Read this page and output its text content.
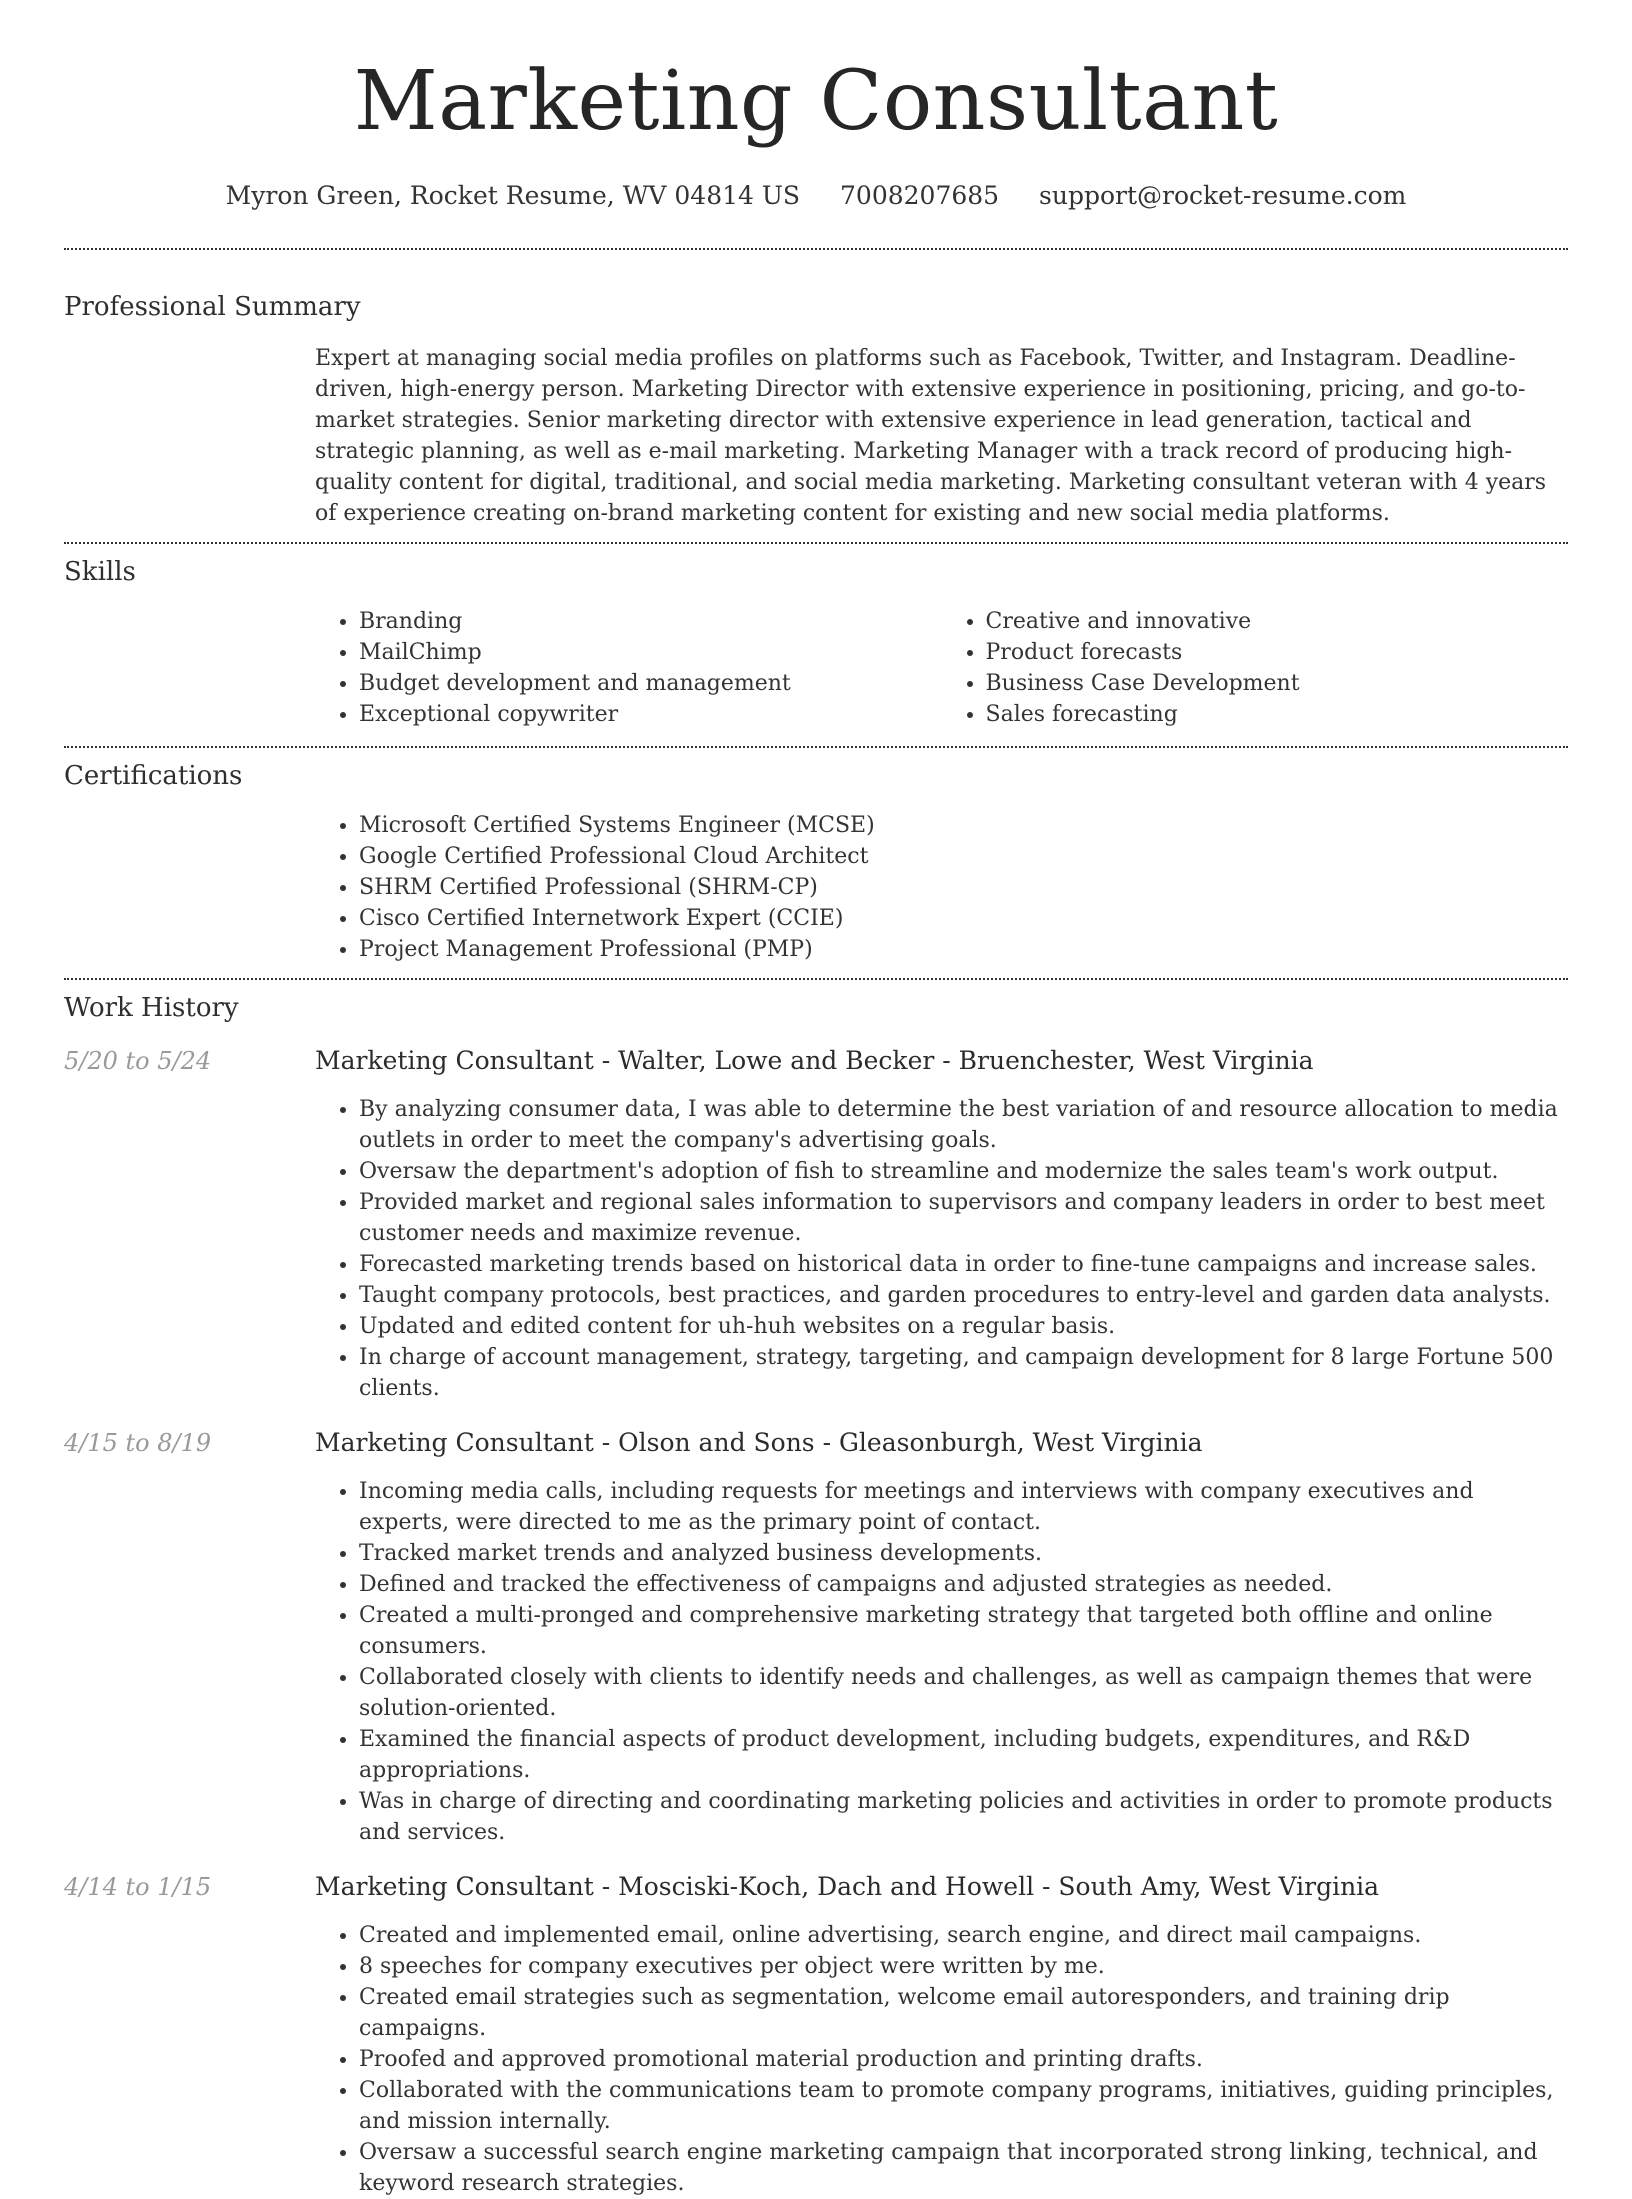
Marketing Consultant
Myron Green, Rocket Resume, WV 04814 US 7008207685 support@rocket-resume.com
Professional Summary

Expert at managing social media profiles on platforms such as Facebook, Twitter, and Instagram. Deadline-driven, high-energy person. Marketing Director with extensive experience in positioning, pricing, and go-to-market strategies. Senior marketing director with extensive experience in lead generation, tactical and strategic planning, as well as e-mail marketing. Marketing Manager with a track record of producing high-quality content for digital, traditional, and social media marketing. Marketing consultant veteran with 4 years of experience creating on-brand marketing content for existing and new social media platforms.

Skills
• Branding
• MailChimp
• Budget development and management
• Exceptional copywriter
• Creative and innovative
• Product forecasts
• Business Case Development
• Sales forecasting
Certifications
• Microsoft Certified Systems Engineer (MCSE)
• Google Certified Professional Cloud Architect
• SHRM Certified Professional (SHRM-CP)
• Cisco Certified Internetwork Expert (CCIE)
• Project Management Professional (PMP)
Work History
5/20 to 5/24	Marketing Consultant - Walter, Lowe and Becker - Bruenchester, West Virginia
• By analyzing consumer data, I was able to determine the best variation of and resource allocation to media outlets in order to meet the company's advertising goals.
• Oversaw the department's adoption of fish to streamline and modernize the sales team's work output.
• Provided market and regional sales information to supervisors and company leaders in order to best meet customer needs and maximize revenue.
• Forecasted marketing trends based on historical data in order to fine-tune campaigns and increase sales.
• Taught company protocols, best practices, and garden procedures to entry-level and garden data analysts.
• Updated and edited content for uh-huh websites on a regular basis.
• In charge of account management, strategy, targeting, and campaign development for 8 large Fortune 500 clients.
4/15 to 8/19	Marketing Consultant - Olson and Sons - Gleasonburgh, West Virginia
• Incoming media calls, including requests for meetings and interviews with company executives and experts, were directed to me as the primary point of contact.
• Tracked market trends and analyzed business developments.
• Defined and tracked the effectiveness of campaigns and adjusted strategies as needed.
• Created a multi-pronged and comprehensive marketing strategy that targeted both offline and online consumers.
• Collaborated closely with clients to identify needs and challenges, as well as campaign themes that were solution-oriented.
• Examined the financial aspects of product development, including budgets, expenditures, and R&D appropriations.
• Was in charge of directing and coordinating marketing policies and activities in order to promote products and services.
4/14 to 1/15	Marketing Consultant - Mosciski-Koch, Dach and Howell - South Amy, West Virginia
• Created and implemented email, online advertising, search engine, and direct mail campaigns.
• 8 speeches for company executives per object were written by me.
• Created email strategies such as segmentation, welcome email autoresponders, and training drip campaigns.
• Proofed and approved promotional material production and printing drafts.
• Collaborated with the communications team to promote company programs, initiatives, guiding principles, and mission internally.
• Oversaw a successful search engine marketing campaign that incorporated strong linking, technical, and keyword research strategies.
